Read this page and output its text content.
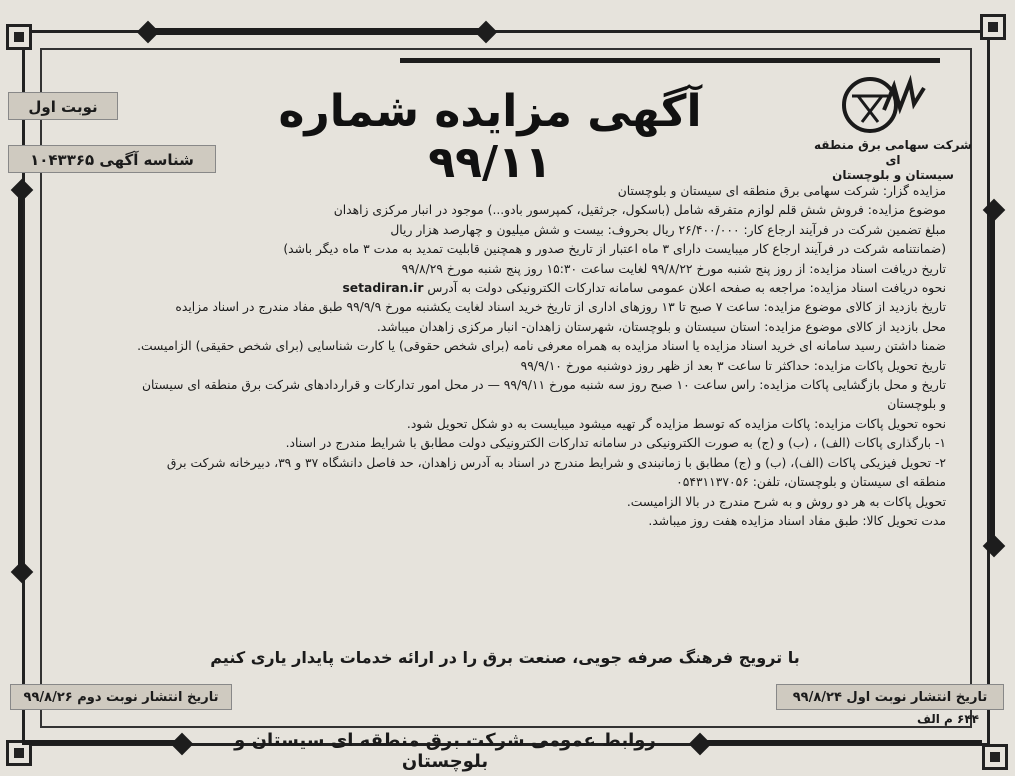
نوبت اول
شناسه آگهی ۱۰۴۳۳۶۵
آگهی مزایده شماره ۹۹/۱۱	شرکت سهامی برق منطقه ای
سیستان و بلوچستان
مزایده گزار: شرکت سهامی برق منطقه ای سیستان و بلوچستان
موضوع مزایده: فروش شش قلم لوازم متفرقه شامل (باسکول، جرثقیل، کمپرسور بادو...) موجود در انبار مرکزی زاهدان
مبلغ تضمین شرکت در فرآیند ارجاع کار: ۲۶/۴۰۰/۰۰۰ ریال بحروف: بیست و شش میلیون و چهارصد هزار ریال
(ضمانتنامه شرکت در فرآیند ارجاع کار میبایست دارای ۳ ماه اعتبار از تاریخ صدور و همچنین قابلیت تمدید به مدت ۳ ماه دیگر باشد)
تاریخ دریافت اسناد مزایده: از روز پنج شنبه مورخ ۹۹/۸/۲۲ لغایت ساعت ۱۵:۳۰ روز پنج شنبه مورخ ۹۹/۸/۲۹
نحوه دریافت اسناد مزایده: مراجعه به صفحه اعلان عمومی سامانه تدارکات الکترونیکی دولت به آدرس setadiran.ir
تاریخ بازدید از کالای موضوع مزایده: ساعت ۷ صبح تا ۱۳ روزهای اداری از تاریخ خرید اسناد لغایت یکشنبه مورخ ۹۹/۹/۹ طبق مفاد مندرج در اسناد مزایده
محل بازدید از کالای موضوع مزایده: استان سیستان و بلوچستان، شهرستان زاهدان- انبار مرکزی زاهدان میباشد.
ضمنا داشتن رسید سامانه ای خرید اسناد مزایده یا اسناد مزایده به همراه معرفی نامه (برای شخص حقوقی) یا کارت شناسایی (برای شخص حقیقی) الزامیست.
تاریخ تحویل پاکات مزایده: حداکثر تا ساعت ۳ بعد از ظهر روز دوشنبه مورخ ۹۹/۹/۱۰
تاریخ و محل بازگشایی پاکات مزایده: راس ساعت ۱۰ صبح روز سه شنبه مورخ ۹۹/۹/۱۱ — در محل امور تدارکات و قراردادهای شرکت برق منطقه ای سیستان
و بلوچستان
نحوه تحویل پاکات مزایده: پاکات مزایده که توسط مزایده گر تهیه میشود میبایست به دو شکل تحویل شود.
۱- بارگذاری پاکات (الف) ، (ب) و (ج) به صورت الکترونیکی در سامانه تدارکات الکترونیکی دولت مطابق با شرایط مندرج در اسناد.
۲- تحویل فیزیکی پاکات (الف)، (ب) و (ج) مطابق با زمانبندی و شرایط مندرج در اسناد به آدرس زاهدان، حد فاصل دانشگاه ۳۷ و ۳۹، دبیرخانه شرکت برق
منطقه ای سیستان و بلوچستان، تلفن: ۰۵۴۳۱۱۳۷۰۵۶
تحویل پاکات به هر دو روش و به شرح مندرج در بالا الزامیست.
مدت تحویل کالا: طبق مفاد اسناد مزایده هفت روز میباشد.
با ترویج فرهنگ صرفه جویی، صنعت برق را در ارائه خدمات پایدار یاری کنیم
تاریخ انتشار نوبت دوم ۹۹/۸/۲۶	تاریخ انتشار نوبت اول ۹۹/۸/۲۴
۶۴۴ م الف
روابط عمومی شرکت برق منطقه ای سیستان و بلوچستان
